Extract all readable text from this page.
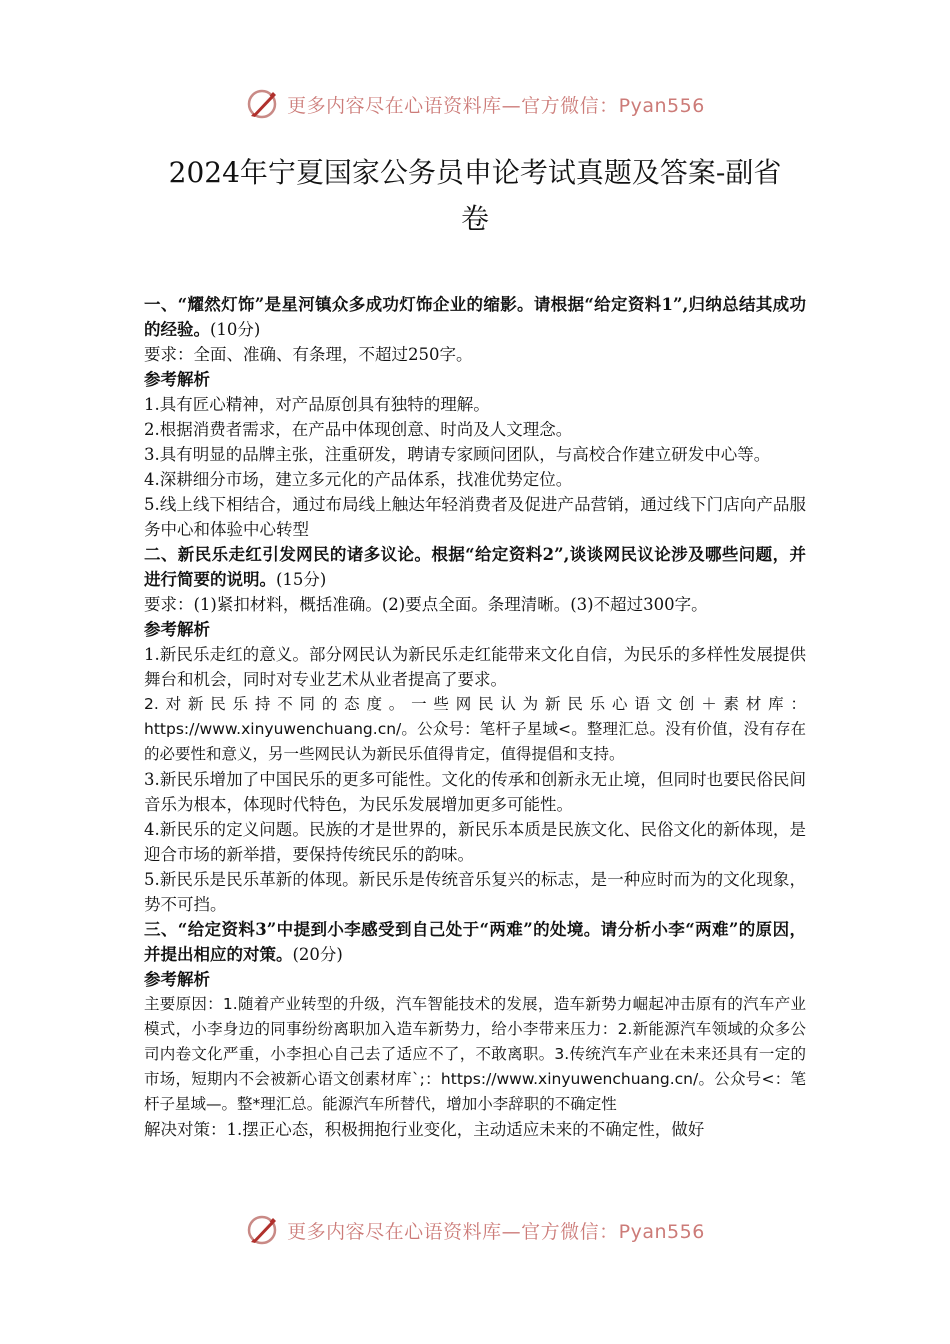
更多内容尽在心语资料库—官方微信：Pyan556
2024年宁夏国家公务员申论考试真题及答案-副省
卷

一、“耀然灯饰”是星河镇众多成功灯饰企业的缩影。请根据“给定资料1”,归纳总结其成功的经验。(10分)

要求：全面、准确、有条理，不超过250字。

参考解析

1.具有匠心精神，对产品原创具有独特的理解。

2.根据消费者需求，在产品中体现创意、时尚及人文理念。

3.具有明显的品牌主张，注重研发，聘请专家顾问团队，与高校合作建立研发中心等。

4.深耕细分市场，建立多元化的产品体系，找准优势定位。

5.线上线下相结合，通过布局线上触达年轻消费者及促进产品营销，通过线下门店向产品服务中心和体验中心转型

二、新民乐走红引发网民的诸多议论。根据“给定资料2”,谈谈网民议论涉及哪些问题，并进行简要的说明。(15分)

要求：(1)紧扣材料，概括准确。(2)要点全面。条理清晰。(3)不超过300字。

参考解析

1.新民乐走红的意义。部分网民认为新民乐走红能带来文化自信，为民乐的多样性发展提供舞台和机会，同时对专业艺术从业者提高了要求。

2.对新民乐持不同的态度。一些网民认为新民乐心语文创＋素材库：https://www.xinyuwenchuang.cn/。公众号：笔杆子星域<。整理汇总。没有价值，没有存在的必要性和意义，另一些网民认为新民乐值得肯定，值得提倡和支持。

3.新民乐增加了中国民乐的更多可能性。文化的传承和创新永无止境，但同时也要民俗民间音乐为根本，体现时代特色，为民乐发展增加更多可能性。

4.新民乐的定义问题。民族的才是世界的，新民乐本质是民族文化、民俗文化的新体现，是迎合市场的新举措，要保持传统民乐的韵味。

5.新民乐是民乐革新的体现。新民乐是传统音乐复兴的标志，是一种应时而为的文化现象，势不可挡。

三、“给定资料3”中提到小李感受到自己处于“两难”的处境。请分析小李“两难”的原因，并提出相应的对策。(20分)

参考解析

主要原因：1.随着产业转型的升级，汽车智能技术的发展，造车新势力崛起冲击原有的汽车产业模式，小李身边的同事纷纷离职加入造车新势力，给小李带来压力：2.新能源汽车领域的众多公司内卷文化严重，小李担心自己去了适应不了，不敢离职。3.传统汽车产业在未来还具有一定的市场，短期内不会被新心语文创素材库`;：https://www.xinyuwenchuang.cn/。公众号<：笔杆子星域—。整*理汇总。能源汽车所替代，增加小李辞职的不确定性

解决对策：1.摆正心态，积极拥抱行业变化，主动适应未来的不确定性，做好

更多内容尽在心语资料库—官方微信：Pyan556
